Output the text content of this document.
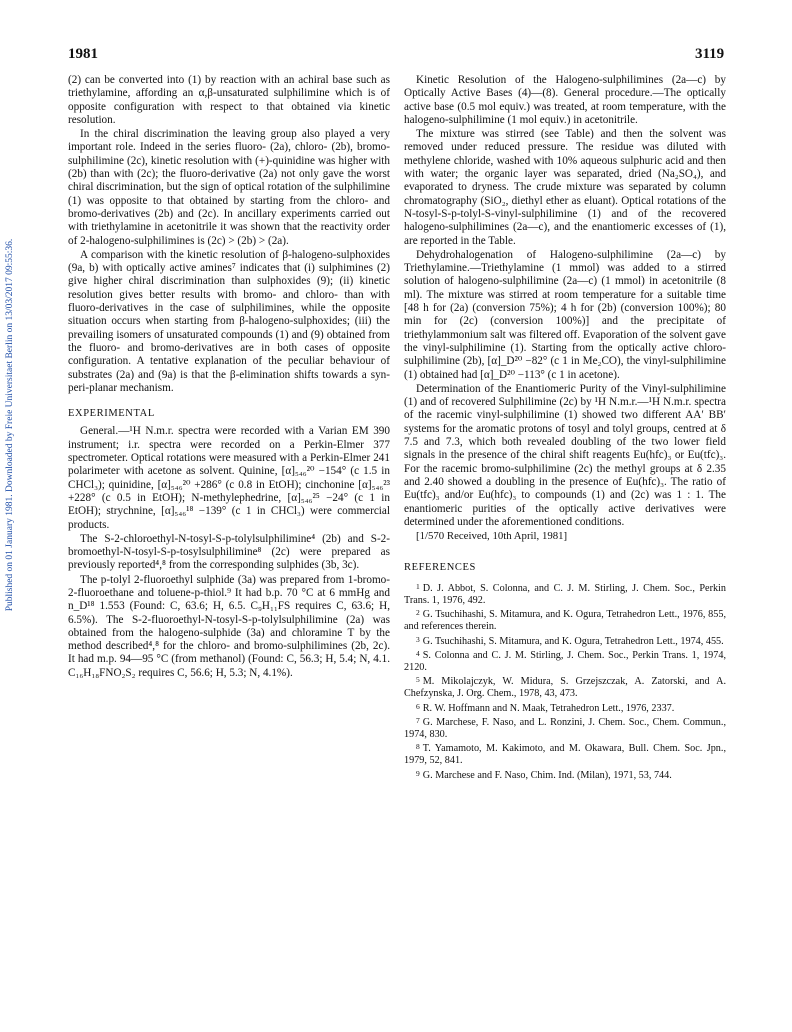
1981	3119
Published on 01 January 1981. Downloaded by Freie Universitaet Berlin on 13/03/2017 09:55:36.

(2) can be converted into (1) by reaction with an achiral base such as triethylamine, affording an α,β-unsaturated sulphilimine which is of opposite configuration with respect to that obtained via kinetic resolution.

In the chiral discrimination the leaving group also played a very important role. Indeed in the series fluoro- (2a), chloro- (2b), bromo-sulphilimine (2c), kinetic resolution with (+)-quinidine was higher with (2b) than with (2c); the fluoro-derivative (2a) not only gave the worst chiral discrimination, but the sign of optical rotation of the sulphilimine (1) was opposite to that obtained by starting from the chloro- and bromo-derivatives (2b) and (2c). In ancillary experiments carried out with triethylamine in acetonitrile it was shown that the reactivity order of 2-halogeno-sulphilimines is (2c) > (2b) > (2a).

A comparison with the kinetic resolution of β-halogeno-sulphoxides (9a, b) with optically active amines⁷ indicates that (i) sulphimines (2) give higher chiral discrimination than sulphoxides (9); (ii) kinetic resolution gives better results with bromo- and chloro- than with fluoro-derivatives in the case of sulphilimines, while the opposite situation occurs when starting from β-halogeno-sulphoxides; (iii) the prevailing isomers of unsaturated compounds (1) and (9) obtained from the fluoro- and bromo-derivatives are in both cases of opposite configuration. A tentative explanation of the peculiar behaviour of substrates (2a) and (9a) is that the β-elimination shifts towards a syn-peri-planar mechanism.

EXPERIMENTAL

General.—¹H N.m.r. spectra were recorded with a Varian EM 390 instrument; i.r. spectra were recorded on a Perkin-Elmer 377 spectrometer. Optical rotations were measured with a Perkin-Elmer 241 polarimeter with acetone as solvent. Quinine, [α]₅₄₆²⁰ −154° (c 1.5 in CHCl₃); quinidine, [α]₅₄₆²⁰ +286° (c 0.8 in EtOH); cinchonine [α]₅₄₆²³ +228° (c 0.5 in EtOH); N-methylephedrine, [α]₅₄₆²⁵ −24° (c 1 in EtOH); strychnine, [α]₅₄₆¹⁸ −139° (c 1 in CHCl₃) were commercial products.

The S-2-chloroethyl-N-tosyl-S-p-tolylsulphilimine⁴ (2b) and S-2-bromoethyl-N-tosyl-S-p-tosylsulphilimine⁸ (2c) were prepared as previously reported⁴,⁸ from the corresponding sulphides (3b, 3c).

The p-tolyl 2-fluoroethyl sulphide (3a) was prepared from 1-bromo-2-fluoroethane and toluene-p-thiol.⁹ It had b.p. 70 °C at 6 mmHg and n_D¹⁸ 1.553 (Found: C, 63.6; H, 6.5. C₉H₁₁FS requires C, 63.6; H, 6.5%). The S-2-fluoroethyl-N-tosyl-S-p-tolylsulphilimine (2a) was obtained from the halogeno-sulphide (3a) and chloramine T by the method described⁴,⁸ for the chloro- and bromo-sulphilimines (2b, 2c). It had m.p. 94—95 °C (from methanol) (Found: C, 56.3; H, 5.4; N, 4.1. C₁₆H₁₈FNO₂S₂ requires C, 56.6; H, 5.3; N, 4.1%).

Kinetic Resolution of the Halogeno-sulphilimines (2a—c) by Optically Active Bases (4)—(8). General procedure.—The optically active base (0.5 mol equiv.) was treated, at room temperature, with the halogeno-sulphilimine (1 mol equiv.) in acetonitrile.

The mixture was stirred (see Table) and then the solvent was removed under reduced pressure. The residue was diluted with methylene chloride, washed with 10% aqueous sulphuric acid and then with water; the organic layer was separated, dried (Na₂SO₄), and evaporated to dryness. The crude mixture was separated by column chromatography (SiO₂, diethyl ether as eluant). Optical rotations of the N-tosyl-S-p-tolyl-S-vinyl-sulphilimine (1) and of the recovered halogeno-sulphilimines (2a—c), and the enantiomeric excesses of (1), are reported in the Table.

Dehydrohalogenation of Halogeno-sulphilimine (2a—c) by Triethylamine.—Triethylamine (1 mmol) was added to a stirred solution of halogeno-sulphilimine (2a—c) (1 mmol) in acetonitrile (8 ml). The mixture was stirred at room temperature for a suitable time [48 h for (2a) (conversion 75%); 4 h for (2b) (conversion 100%); 80 min for (2c) (conversion 100%)] and the precipitate of triethylammonium salt was filtered off. Evaporation of the solvent gave the vinyl-sulphilimine (1). Starting from the optically active chloro-sulphilimine (2b), [α]_D²⁰ −82° (c 1 in Me₂CO), the vinyl-sulphilimine (1) obtained had [α]_D²⁰ −113° (c 1 in acetone).

Determination of the Enantiomeric Purity of the Vinyl-sulphilimine (1) and of recovered Sulphilimine (2c) by ¹H N.m.r.—¹H N.m.r. spectra of the racemic vinyl-sulphilimine (1) showed two different AA′ BB′ systems for the aromatic protons of tosyl and tolyl groups, centred at δ 7.5 and 7.3, which both revealed doubling of the two lower field signals in the presence of the chiral shift reagents Eu(hfc)₃ or Eu(tfc)₃. For the racemic bromo-sulphilimine (2c) the methyl groups at δ 2.35 and 2.40 showed a doubling in the presence of Eu(hfc)₃. The ratio of Eu(tfc)₃ and/or Eu(hfc)₃ to compounds (1) and (2c) was 1 : 1. The enantiomeric purities of the optically active derivatives were determined under the aforementioned conditions.

[1/570 Received, 10th April, 1981]

REFERENCES
1 D. J. Abbot, S. Colonna, and C. J. M. Stirling, J. Chem. Soc., Perkin Trans. 1, 1976, 492.
2 G. Tsuchihashi, S. Mitamura, and K. Ogura, Tetrahedron Lett., 1976, 855, and references therein.
3 G. Tsuchihashi, S. Mitamura, and K. Ogura, Tetrahedron Lett., 1974, 455.
4 S. Colonna and C. J. M. Stirling, J. Chem. Soc., Perkin Trans. 1, 1974, 2120.
5 M. Mikolajczyk, W. Midura, S. Grzejszczak, A. Zatorski, and A. Chefzynska, J. Org. Chem., 1978, 43, 473.
6 R. W. Hoffmann and N. Maak, Tetrahedron Lett., 1976, 2337.
7 G. Marchese, F. Naso, and L. Ronzini, J. Chem. Soc., Chem. Commun., 1974, 830.
8 T. Yamamoto, M. Kakimoto, and M. Okawara, Bull. Chem. Soc. Jpn., 1979, 52, 841.
9 G. Marchese and F. Naso, Chim. Ind. (Milan), 1971, 53, 744.
